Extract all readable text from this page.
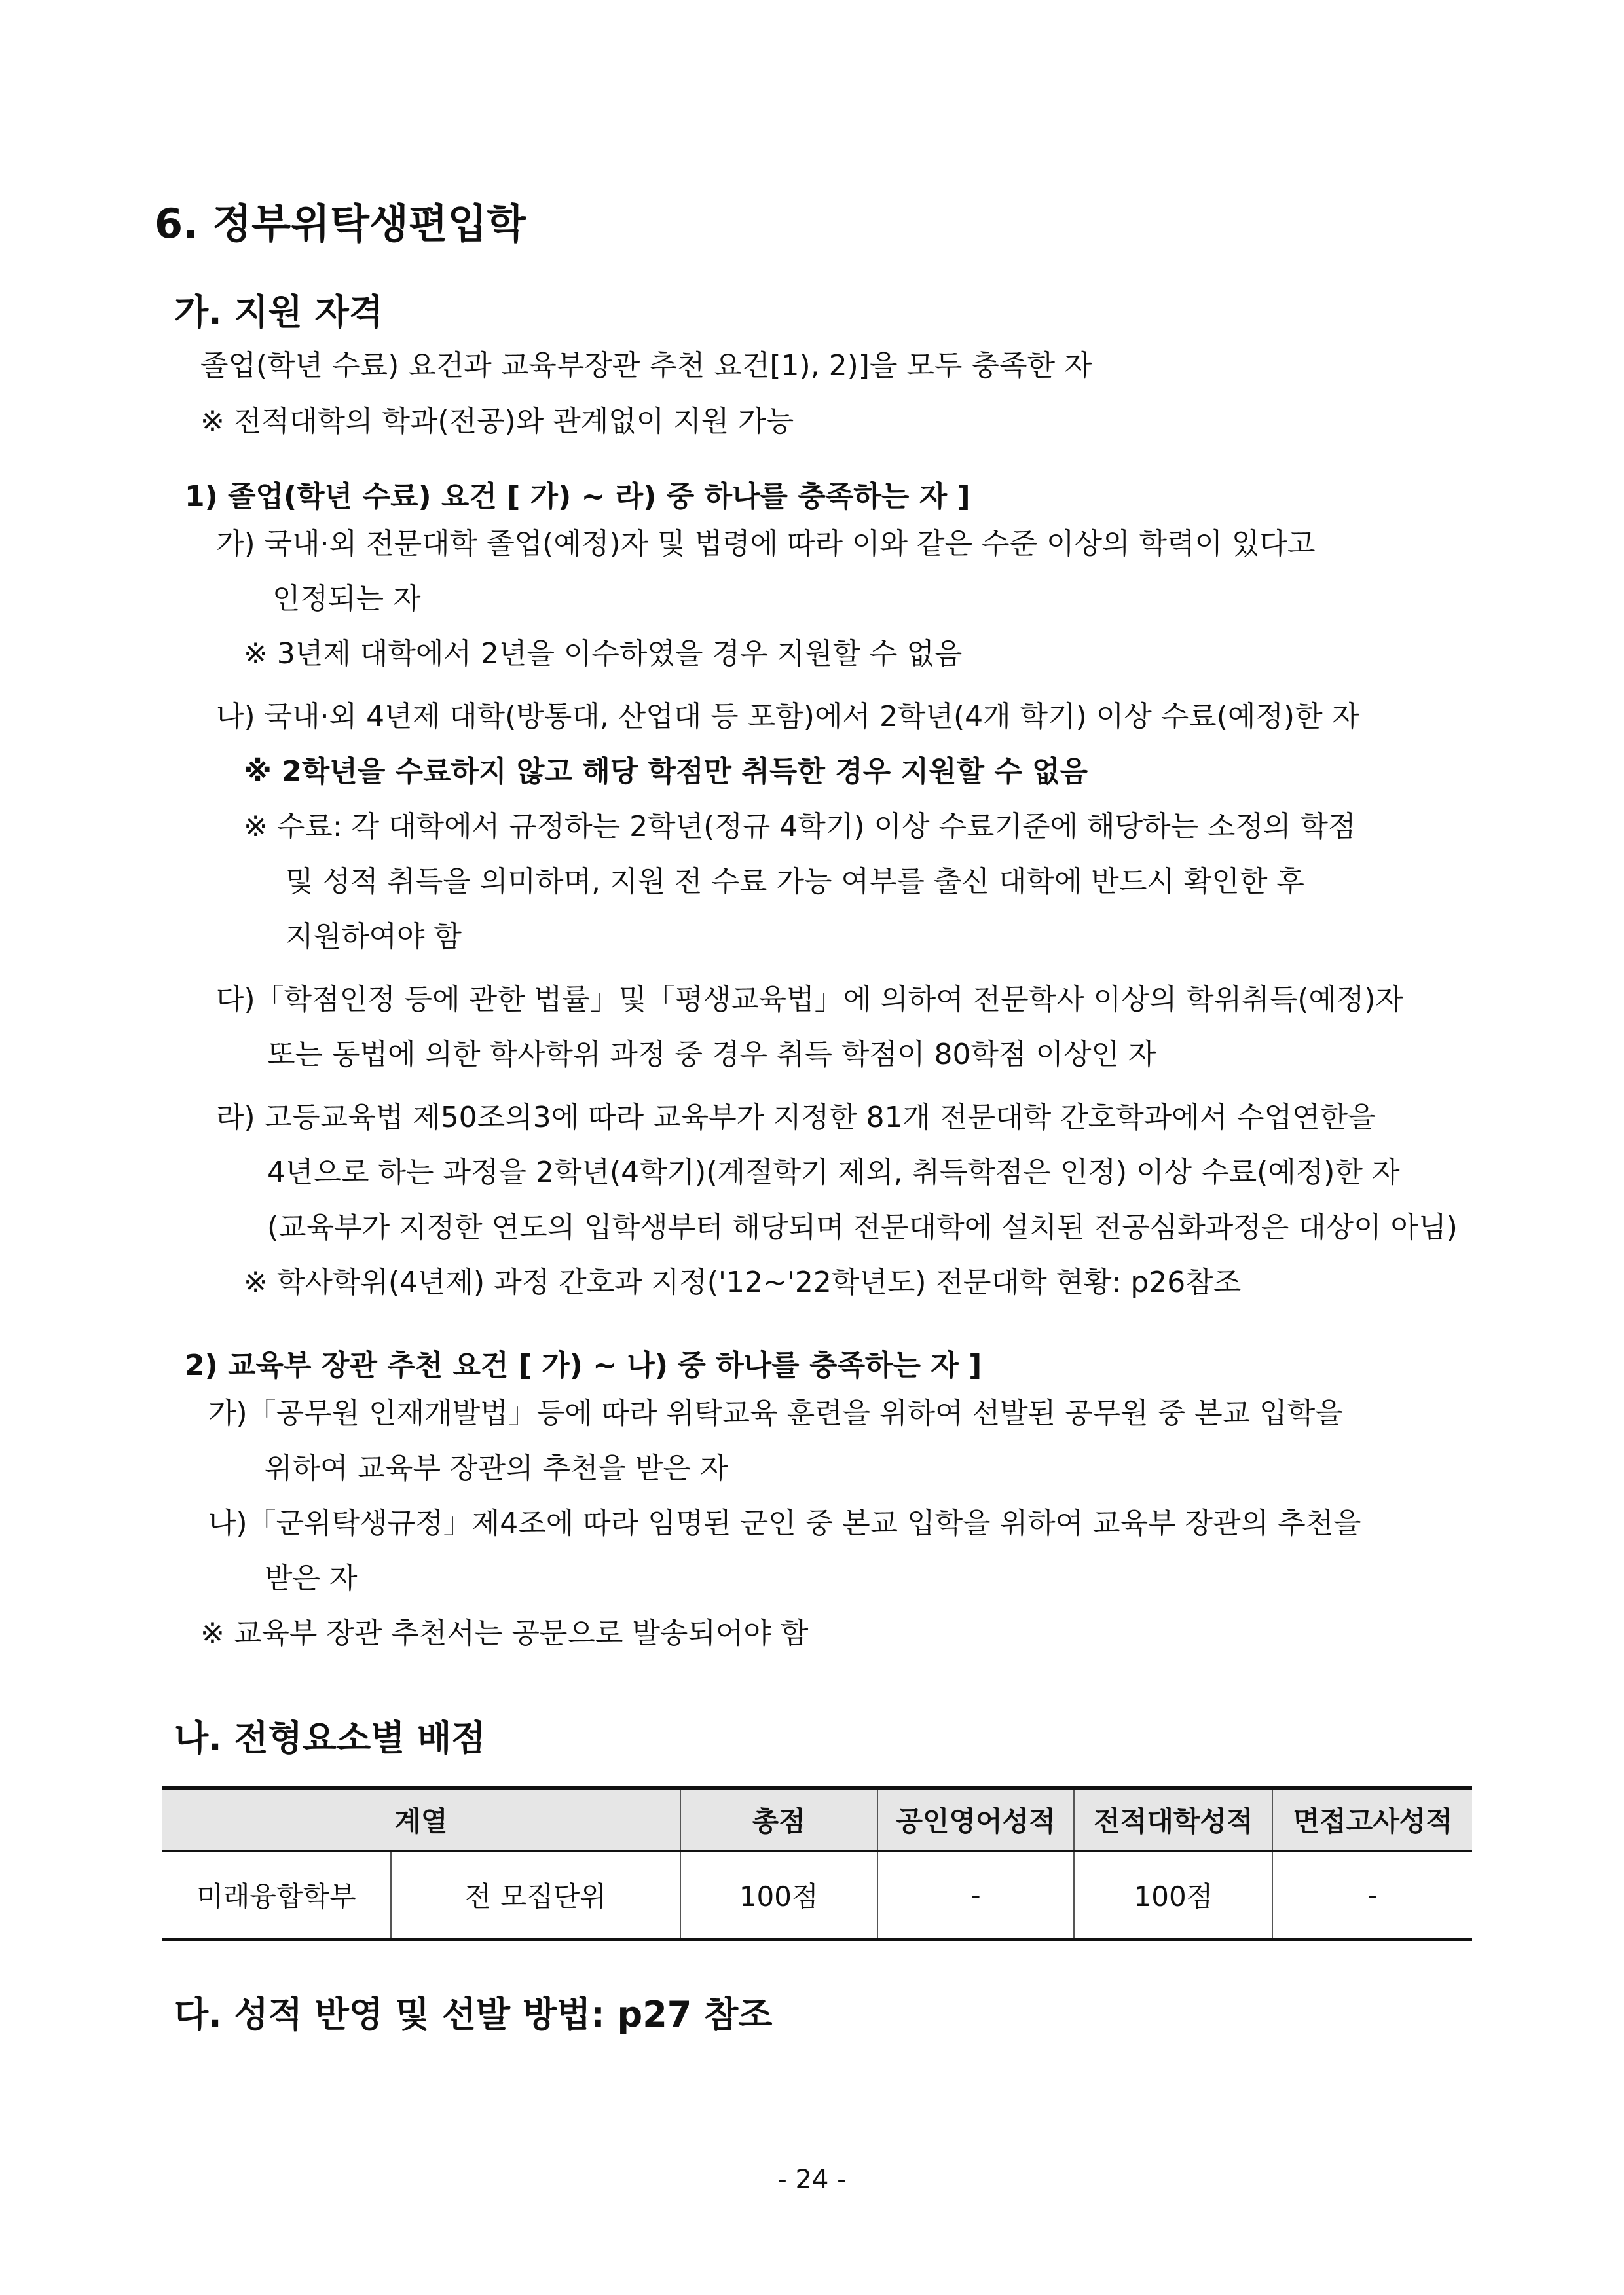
6. 정부위탁생편입학
가. 지원 자격
졸업(학년 수료) 요건과 교육부장관 추천 요건[1), 2)]을 모두 충족한 자
※ 전적대학의 학과(전공)와 관계없이 지원 가능
1) 졸업(학년 수료) 요건 [ 가) ~ 라) 중 하나를 충족하는 자 ]
가) 국내·외 전문대학 졸업(예정)자 및 법령에 따라 이와 같은 수준 이상의 학력이 있다고
인정되는 자
※ 3년제 대학에서 2년을 이수하였을 경우 지원할 수 없음
나) 국내·외 4년제 대학(방통대, 산업대 등 포함)에서 2학년(4개 학기) 이상 수료(예정)한 자
※ 2학년을 수료하지 않고 해당 학점만 취득한 경우 지원할 수 없음
※ 수료: 각 대학에서 규정하는 2학년(정규 4학기) 이상 수료기준에 해당하는 소정의 학점
및 성적 취득을 의미하며, 지원 전 수료 가능 여부를 출신 대학에 반드시 확인한 후
지원하여야 함
다)「학점인정 등에 관한 법률」및「평생교육법」에 의하여 전문학사 이상의 학위취득(예정)자
또는 동법에 의한 학사학위 과정 중 경우 취득 학점이 80학점 이상인 자
라) 고등교육법 제50조의3에 따라 교육부가 지정한 81개 전문대학 간호학과에서 수업연한을
4년으로 하는 과정을 2학년(4학기)(계절학기 제외, 취득학점은 인정) 이상 수료(예정)한 자
(교육부가 지정한 연도의 입학생부터 해당되며 전문대학에 설치된 전공심화과정은 대상이 아님)
※ 학사학위(4년제) 과정 간호과 지정('12~'22학년도) 전문대학 현황: p26참조
2) 교육부 장관 추천 요건 [ 가) ~ 나) 중 하나를 충족하는 자 ]
가)「공무원 인재개발법」등에 따라 위탁교육 훈련을 위하여 선발된 공무원 중 본교 입학을
위하여 교육부 장관의 추천을 받은 자
나)「군위탁생규정」제4조에 따라 임명된 군인 중 본교 입학을 위하여 교육부 장관의 추천을
받은 자
※ 교육부 장관 추천서는 공문으로 발송되어야 함
나. 전형요소별 배점
계열		총점	공인영어성적	전적대학성적	면접고사성적
미래융합학부	전 모집단위	100점	-	100점	-
다. 성적 반영 및 선발 방법: p27 참조
- 24 -
